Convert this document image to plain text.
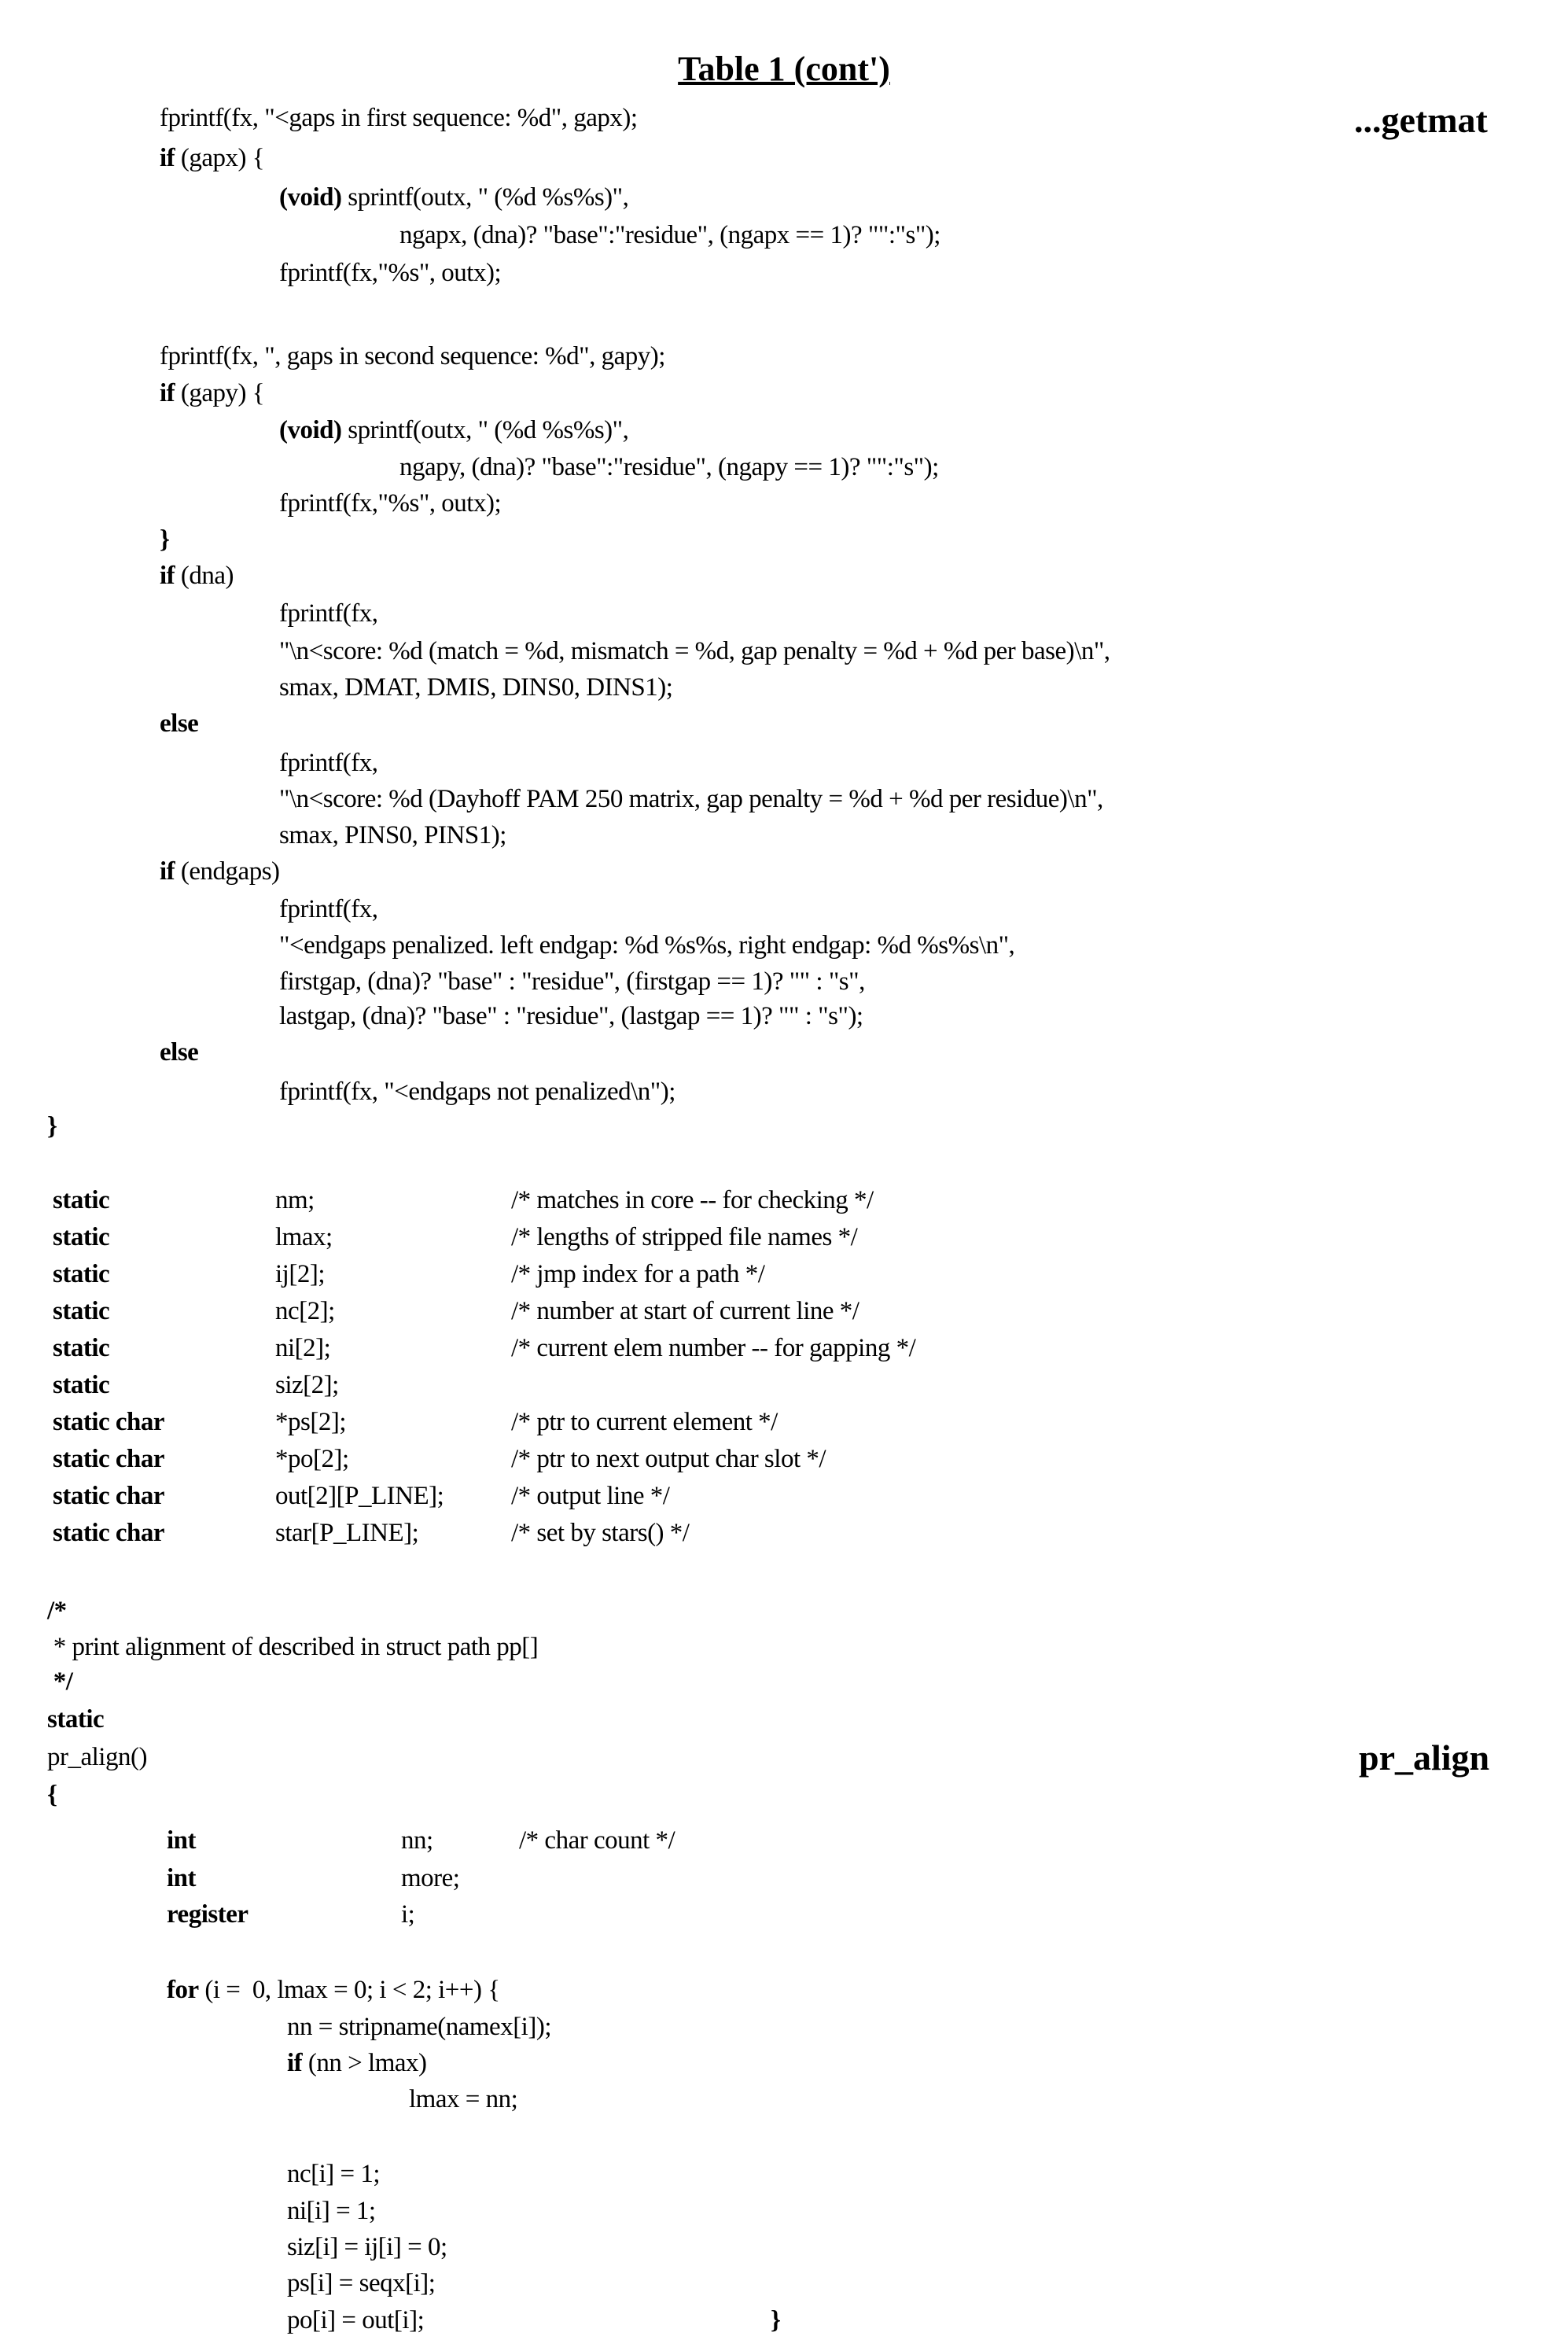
Table 1 (cont')
...getmat
pr_align
fprintf(fx, "<gaps in first sequence: %d", gapx);
if (gapx) {
(void) sprintf(outx, " (%d %s%s)",
ngapx, (dna)? "base":"residue", (ngapx == 1)? "":"s");
fprintf(fx,"%s", outx);
fprintf(fx, ", gaps in second sequence: %d", gapy);
if (gapy) {
(void) sprintf(outx, " (%d %s%s)",
ngapy, (dna)? "base":"residue", (ngapy == 1)? "":"s");
fprintf(fx,"%s", outx);
}
if (dna)
fprintf(fx,
"\n<score: %d (match = %d, mismatch = %d, gap penalty = %d + %d per base)\n",
smax, DMAT, DMIS, DINS0, DINS1);
else
fprintf(fx,
"\n<score: %d (Dayhoff PAM 250 matrix, gap penalty = %d + %d per residue)\n",
smax, PINS0, PINS1);
if (endgaps)
fprintf(fx,
"<endgaps penalized. left endgap: %d %s%s, right endgap: %d %s%s\n",
firstgap, (dna)? "base" : "residue", (firstgap == 1)? "" : "s",
lastgap, (dna)? "base" : "residue", (lastgap == 1)? "" : "s");
else
fprintf(fx, "<endgaps not penalized\n");
}
static	nm;	/* matches in core -- for checking */
static	lmax;	/* lengths of stripped file names */
static	ij[2];	/* jmp index for a path */
static	nc[2];	/* number at start of current line */
static	ni[2];	/* current elem number -- for gapping */
static	siz[2];
static char	*ps[2];	/* ptr to current element */
static char	*po[2];	/* ptr to next output char slot */
static char	out[2][P_LINE];	/* output line */
static char	star[P_LINE];	/* set by stars() */
/*
* print alignment of described in struct path pp[]
*/
static
pr_align()
{
int	nn;	/* char count */
int	more;
register	i;
for (i =  0, lmax = 0; i < 2; i++) {
nn = stripname(namex[i]);
if (nn > lmax)
lmax = nn;
nc[i] = 1;
ni[i] = 1;
siz[i] = ij[i] = 0;
ps[i] = seqx[i];
po[i] = out[i];	}
